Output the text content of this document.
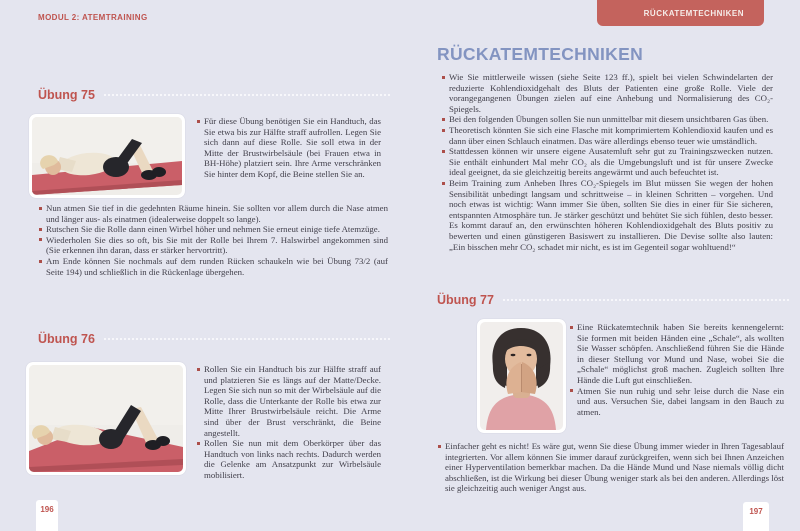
MODUL 2: ATEMTRAINING
Übung 75
Für diese Übung benötigen Sie ein Handtuch, das Sie etwa bis zur Hälfte straff aufrollen. Legen Sie sich dann auf diese Rolle. Sie soll etwa in der Mitte der Brustwirbelsäule (bei Frauen etwa in BH-Höhe) platziert sein. Ihre Arme verschränken Sie hinter dem Kopf, die Beine stellen Sie an.
Nun atmen Sie tief in die gedehnten Räume hinein. Sie sollten vor allem durch die Nase atmen und länger aus- als einatmen (idealerweise doppelt so lange).
Rutschen Sie die Rolle dann einen Wirbel höher und nehmen Sie erneut einige tiefe Atemzüge.
Wiederholen Sie dies so oft, bis Sie mit der Rolle bei Ihrem 7. Halswirbel angekommen sind (Sie erkennen ihn daran, dass er stärker hervortritt).
Am Ende können Sie nochmals auf dem runden Rücken schaukeln wie bei Übung 73/2 (auf Seite 194) und schließlich in die Rückenlage übergehen.
Übung 76
Rollen Sie ein Handtuch bis zur Hälfte straff auf und platzieren Sie es längs auf der Matte/Decke. Legen Sie sich nun so mit der Wirbelsäule auf die Rolle, dass die Unterkante der Rolle bis etwa zur Mitte Ihrer Brustwirbelsäule reicht. Die Arme sind über der Brust verschränkt, die Beine angestellt.
Rollen Sie nun mit dem Oberkörper über das Handtuch von links nach rechts. Dadurch werden die Gelenke am Ansatzpunkt zur Wirbelsäule mobilisiert.
196
RÜCKATEMTECHNIKEN
RÜCKATEMTECHNIKEN
Wie Sie mittlerweile wissen (siehe Seite 123 ff.), spielt bei vielen Schwindelarten der reduzierte Kohlendioxidgehalt des Bluts der Patienten eine große Rolle. Viele der vorangegangenen Übungen zielen auf eine Anhebung und Normalisierung des CO₂-Spiegels.
Bei den folgenden Übungen sollen Sie nun unmittelbar mit diesem unsichtbaren Gas üben.
Theoretisch könnten Sie sich eine Flasche mit komprimiertem Kohlendioxid kaufen und es dann über einen Schlauch einatmen. Das wäre allerdings ebenso teuer wie umständlich.
Stattdessen können wir unsere eigene Ausatemluft sehr gut zu Trainingszwecken nutzen. Sie enthält einhundert Mal mehr CO₂ als die Umgebungsluft und ist für unsere Zwecke ideal geeignet, da sie gleichzeitig bereits angewärmt und auch befeuchtet ist.
Beim Training zum Anheben Ihres CO₂-Spiegels im Blut müssen Sie wegen der hohen Sensibilität unbedingt langsam und schrittweise – in kleinen Schritten – vorgehen. Und noch etwas ist wichtig: Wann immer Sie üben, sollten Sie dies in einer für Sie sicheren, entspannten Atmosphäre tun. Je stärker geschützt und behütet Sie sich fühlen, desto besser. Es kommt darauf an, den erwünschten höheren Kohlendioxidgehalt des Bluts positiv zu bewerten und einen günstigeren Basiswert zu installieren. Die Devise sollte also lauten: „Ein bisschen mehr CO₂ schadet mir nicht, es ist im Gegenteil sogar wohltuend!“
Übung 77
Eine Rückatemtechnik haben Sie bereits kennengelernt: Sie formen mit beiden Händen eine „Schale“, als wollten Sie Wasser schöpfen. Anschließend führen Sie die Hände in dieser Stellung vor Mund und Nase, wobei Sie die „Schale“ möglichst groß machen. Zugleich sollten Ihre Hände die Luft gut einschließen.
Atmen Sie nun ruhig und sehr leise durch die Nase ein und aus. Versuchen Sie, dabei langsam in den Bauch zu atmen.
Einfacher geht es nicht! Es wäre gut, wenn Sie diese Übung immer wieder in Ihren Tagesablauf integrierten. Vor allem können Sie immer darauf zurückgreifen, wenn sich bei Ihnen Anzeichen einer Hyperventilation bemerkbar machen. Da die Hände Mund und Nase niemals völlig dicht abschließen, ist die Wirkung bei dieser Übung weniger stark als bei den anderen. Allerdings löst sie gleichzeitig auch weniger Angst aus.
197
